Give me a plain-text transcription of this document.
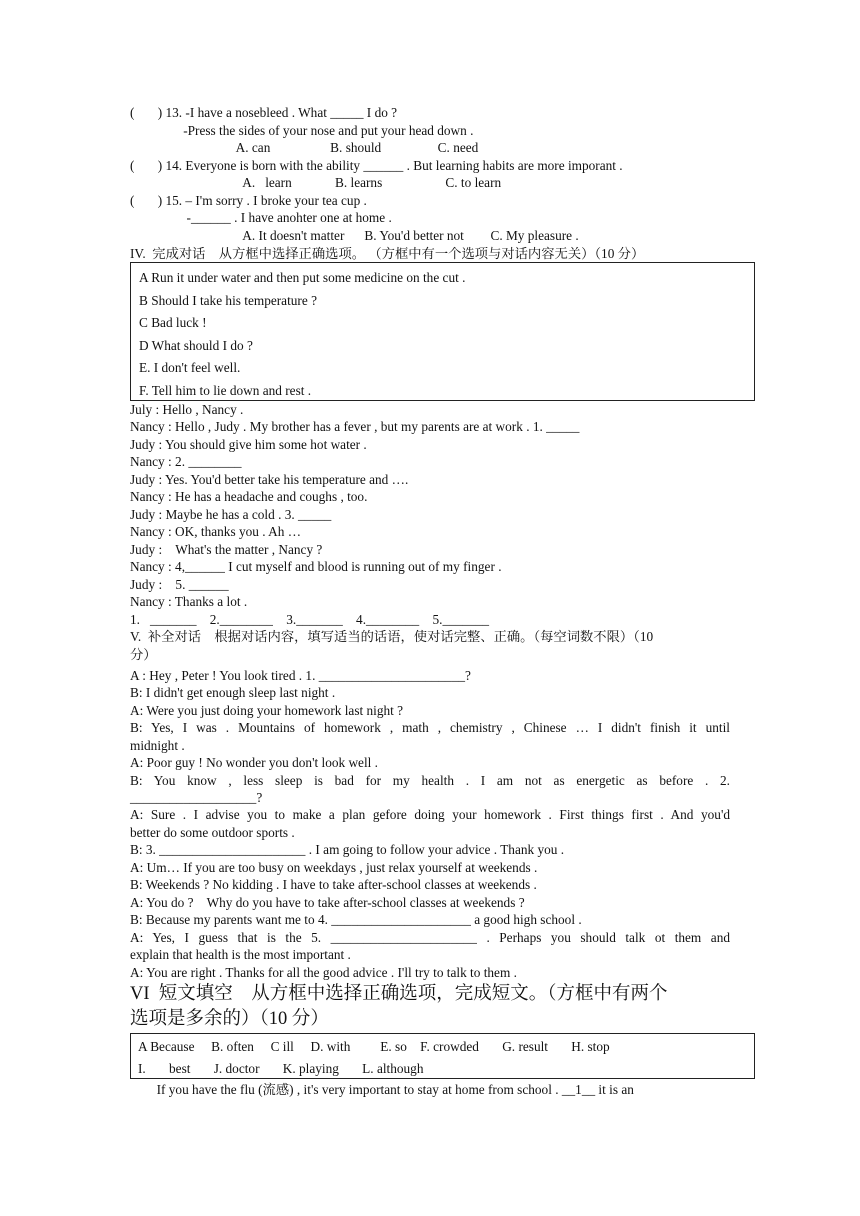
(       ) 13. -I have a nosebleed . What _____ I do ?
-Press the sides of your nose and put your head down .
A. can                  B. should                 C. need
(       ) 14. Everyone is born with the ability ______ . But learning habits are more imporant .
A.   learn             B. learns                   C. to learn
(       ) 15. – I'm sorry . I broke your tea cup .
-______ . I have anohter one at home .
A. It doesn't matter      B. You'd better not        C. My pleasure .
IV.  完成对话    从方框中选择正确选项。 （方框中有一个选项与对话内容无关）（10 分）
A Run it under water and then put some medicine on the cut .
B Should I take his temperature ?
C Bad luck !
D What should I do ?
E. I don't feel well.
F. Tell him to lie down and rest .
July : Hello , Nancy .
Nancy : Hello , Judy . My brother has a fever , but my parents are at work . 1. _____
Judy : You should give him some hot water .
Nancy : 2. ________
Judy : Yes. You'd better take his temperature and ….
Nancy : He has a headache and coughs , too.
Judy : Maybe he has a cold . 3. _____
Nancy : OK, thanks you . Ah …
Judy :    What's the matter , Nancy ?
Nancy : 4,______ I cut myself and blood is running out of my finger .
Judy :    5. ______
Nancy : Thanks a lot .
1.   _______    2.________    3._______    4.________    5._______
V.  补全对话    根据对话内容，填写适当的话语，使对话完整、正确。（每空词数不限）（10
分）
A : Hey , Peter ! You look tired . 1. ______________________?
B: I didn't get enough sleep last night .
A: Were you just doing your homework last night ?
B: Yes, I was . Mountains of homework , math , chemistry , Chinese … I didn't finish it until
midnight .
A: Poor guy ! No wonder you don't look well .
B: You know , less sleep is bad for my health . I am not as energetic as before . 2.
___________________?
A: Sure . I advise you to make a plan gefore doing your homework . First things first . And you'd
better do some outdoor sports .
B: 3. ______________________ . I am going to follow your advice . Thank you .
A: Um… If you are too busy on weekdays , just relax yourself at weekends .
B: Weekends ? No kidding . I have to take after-school classes at weekends .
A: You do ?    Why do you have to take after-school classes at weekends ?
B: Because my parents want me to 4. _____________________ a good high school .
A: Yes, I guess that is the 5. ______________________ . Perhaps you should talk ot them and
explain that health is the most important .
A: You are right . Thanks for all the good advice . I'll try to talk to them .
VI  短文填空    从方框中选择正确选项，完成短文。（方框中有两个
选项是多余的）（10 分）
A Because     B. often     C ill     D. with         E. so    F. crowded       G. result       H. stop
I.       best       J. doctor       K. playing       L. although
If you have the flu (流感) , it's very important to stay at home from school . __1__ it is an
